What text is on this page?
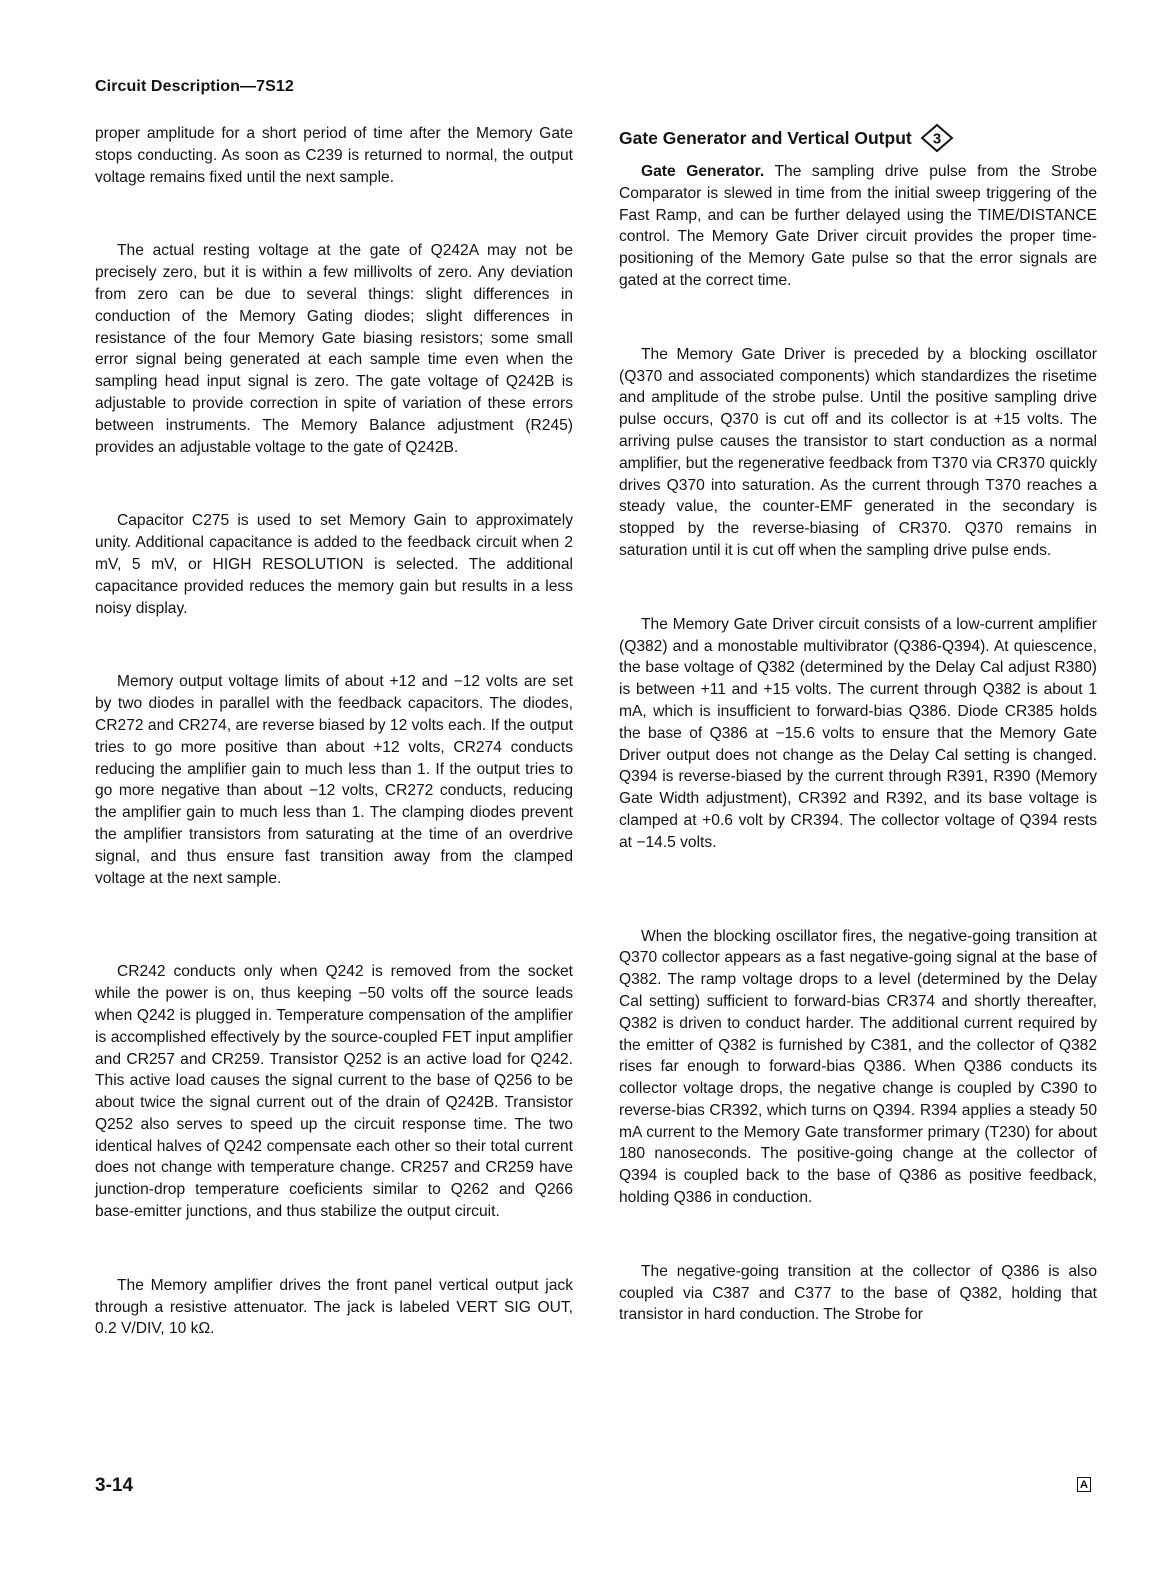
Circuit Description—7S12

proper amplitude for a short period of time after the Memory Gate stops conducting. As soon as C239 is returned to normal, the output voltage remains fixed until the next sample.

The actual resting voltage at the gate of Q242A may not be precisely zero, but it is within a few millivolts of zero. Any deviation from zero can be due to several things: slight differences in conduction of the Memory Gating diodes; slight differences in resistance of the four Memory Gate biasing resistors; some small error signal being generated at each sample time even when the sampling head input signal is zero. The gate voltage of Q242B is adjustable to provide correction in spite of variation of these errors between instruments. The Memory Balance adjustment (R245) provides an adjustable voltage to the gate of Q242B.

Capacitor C275 is used to set Memory Gain to approximately unity. Additional capacitance is added to the feedback circuit when 2 mV, 5 mV, or HIGH RESOLUTION is selected. The additional capacitance provided reduces the memory gain but results in a less noisy display.

Memory output voltage limits of about +12 and −12 volts are set by two diodes in parallel with the feedback capacitors. The diodes, CR272 and CR274, are reverse biased by 12 volts each. If the output tries to go more positive than about +12 volts, CR274 conducts reducing the amplifier gain to much less than 1. If the output tries to go more negative than about −12 volts, CR272 conducts, reducing the amplifier gain to much less than 1. The clamping diodes prevent the amplifier transistors from saturating at the time of an overdrive signal, and thus ensure fast transition away from the clamped voltage at the next sample.

CR242 conducts only when Q242 is removed from the socket while the power is on, thus keeping −50 volts off the source leads when Q242 is plugged in. Temperature compensation of the amplifier is accomplished effectively by the source-coupled FET input amplifier and CR257 and CR259. Transistor Q252 is an active load for Q242. This active load causes the signal current to the base of Q256 to be about twice the signal current out of the drain of Q242B. Transistor Q252 also serves to speed up the circuit response time. The two identical halves of Q242 compensate each other so their total current does not change with temperature change. CR257 and CR259 have junction-drop temperature coeficients similar to Q262 and Q266 base-emitter junctions, and thus stabilize the output circuit.

The Memory amplifier drives the front panel vertical output jack through a resistive attenuator. The jack is labeled VERT SIG OUT, 0.2 V/DIV, 10 kΩ.

Gate Generator and Vertical Output 3

Gate Generator. The sampling drive pulse from the Strobe Comparator is slewed in time from the initial sweep triggering of the Fast Ramp, and can be further delayed using the TIME/DISTANCE control. The Memory Gate Driver circuit provides the proper time-positioning of the Memory Gate pulse so that the error signals are gated at the correct time.

The Memory Gate Driver is preceded by a blocking oscillator (Q370 and associated components) which standardizes the risetime and amplitude of the strobe pulse. Until the positive sampling drive pulse occurs, Q370 is cut off and its collector is at +15 volts. The arriving pulse causes the transistor to start conduction as a normal amplifier, but the regenerative feedback from T370 via CR370 quickly drives Q370 into saturation. As the current through T370 reaches a steady value, the counter-EMF generated in the secondary is stopped by the reverse-biasing of CR370. Q370 remains in saturation until it is cut off when the sampling drive pulse ends.

The Memory Gate Driver circuit consists of a low-current amplifier (Q382) and a monostable multivibrator (Q386-Q394). At quiescence, the base voltage of Q382 (determined by the Delay Cal adjust R380) is between +11 and +15 volts. The current through Q382 is about 1 mA, which is insufficient to forward-bias Q386. Diode CR385 holds the base of Q386 at −15.6 volts to ensure that the Memory Gate Driver output does not change as the Delay Cal setting is changed. Q394 is reverse-biased by the current through R391, R390 (Memory Gate Width adjustment), CR392 and R392, and its base voltage is clamped at +0.6 volt by CR394. The collector voltage of Q394 rests at −14.5 volts.

When the blocking oscillator fires, the negative-going transition at Q370 collector appears as a fast negative-going signal at the base of Q382. The ramp voltage drops to a level (determined by the Delay Cal setting) sufficient to forward-bias CR374 and shortly thereafter, Q382 is driven to conduct harder. The additional current required by the emitter of Q382 is furnished by C381, and the collector of Q382 rises far enough to forward-bias Q386. When Q386 conducts its collector voltage drops, the negative change is coupled by C390 to reverse-bias CR392, which turns on Q394. R394 applies a steady 50 mA current to the Memory Gate transformer primary (T230) for about 180 nanoseconds. The positive-going change at the collector of Q394 is coupled back to the base of Q386 as positive feedback, holding Q386 in conduction.

The negative-going transition at the collector of Q386 is also coupled via C387 and C377 to the base of Q382, holding that transistor in hard conduction. The Strobe for

3-14	A
